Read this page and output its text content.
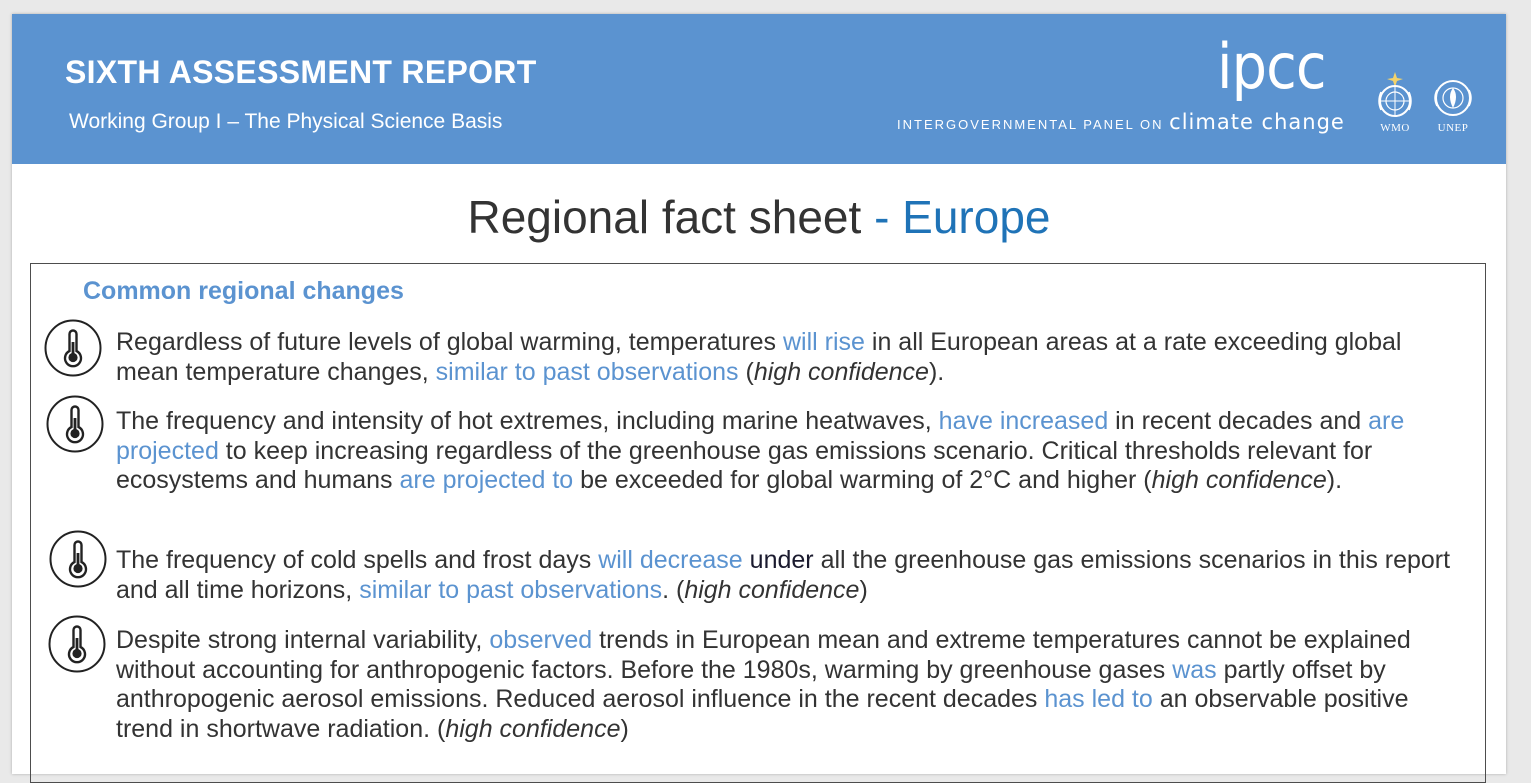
SIXTH ASSESSMENT REPORT
Working Group I – The Physical Science Basis
ipcc
INTERGOVERNMENTAL PANEL ON climate change	WMO	UNEP
Regional fact sheet - Europe
Common regional changes
Regardless of future levels of global warming, temperatures will rise in all European areas at a rate exceeding global mean temperature changes, similar to past observations (high confidence).
The frequency and intensity of hot extremes, including marine heatwaves, have increased in recent decades and are projected to keep increasing regardless of the greenhouse gas emissions scenario. Critical thresholds relevant for ecosystems and humans are projected to be exceeded for global warming of 2°C and higher (high confidence).
The frequency of cold spells and frost days will decrease under all the greenhouse gas emissions scenarios in this report and all time horizons, similar to past observations. (high confidence)
Despite strong internal variability, observed trends in European mean and extreme temperatures cannot be explained without accounting for anthropogenic factors. Before the 1980s, warming by greenhouse gases was partly offset by anthropogenic aerosol emissions. Reduced aerosol influence in the recent decades has led to an observable positive trend in shortwave radiation. (high confidence)
